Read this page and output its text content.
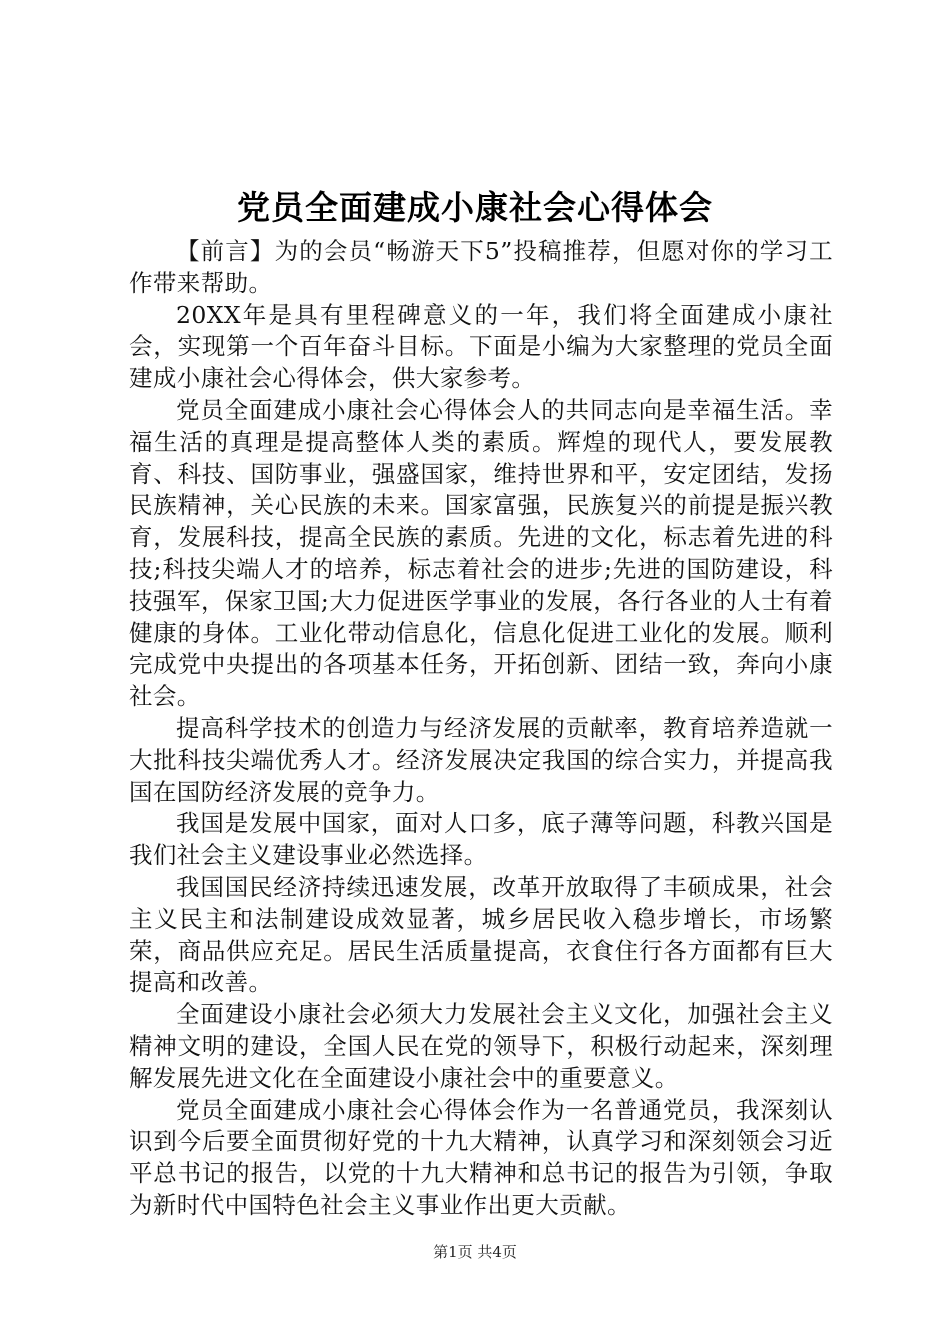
党员全面建成小康社会心得体会

【前言】为的会员“畅游天下5”投稿推荐，但愿对你的学习工作带来帮助。

20XX年是具有里程碑意义的一年，我们将全面建成小康社会，实现第一个百年奋斗目标。下面是小编为大家整理的党员全面建成小康社会心得体会，供大家参考。

党员全面建成小康社会心得体会人的共同志向是幸福生活。幸福生活的真理是提高整体人类的素质。辉煌的现代人，要发展教育、科技、国防事业，强盛国家，维持世界和平，安定团结，发扬民族精神，关心民族的未来。国家富强，民族复兴的前提是振兴教育，发展科技，提高全民族的素质。先进的文化，标志着先进的科技;科技尖端人才的培养，标志着社会的进步;先进的国防建设，科技强军，保家卫国;大力促进医学事业的发展，各行各业的人士有着健康的身体。工业化带动信息化，信息化促进工业化的发展。顺利完成党中央提出的各项基本任务，开拓创新、团结一致，奔向小康社会。

提高科学技术的创造力与经济发展的贡献率，教育培养造就一大批科技尖端优秀人才。经济发展决定我国的综合实力，并提高我国在国防经济发展的竞争力。

我国是发展中国家，面对人口多，底子薄等问题，科教兴国是我们社会主义建设事业必然选择。

我国国民经济持续迅速发展，改革开放取得了丰硕成果，社会主义民主和法制建设成效显著，城乡居民收入稳步增长，市场繁荣，商品供应充足。居民生活质量提高，衣食住行各方面都有巨大提高和改善。

全面建设小康社会必须大力发展社会主义文化，加强社会主义精神文明的建设，全国人民在党的领导下，积极行动起来，深刻理解发展先进文化在全面建设小康社会中的重要意义。

党员全面建成小康社会心得体会作为一名普通党员，我深刻认识到今后要全面贯彻好党的十九大精神，认真学习和深刻领会习近平总书记的报告，以党的十九大精神和总书记的报告为引领，争取为新时代中国特色社会主义事业作出更大贡献。

第1页 共4页
